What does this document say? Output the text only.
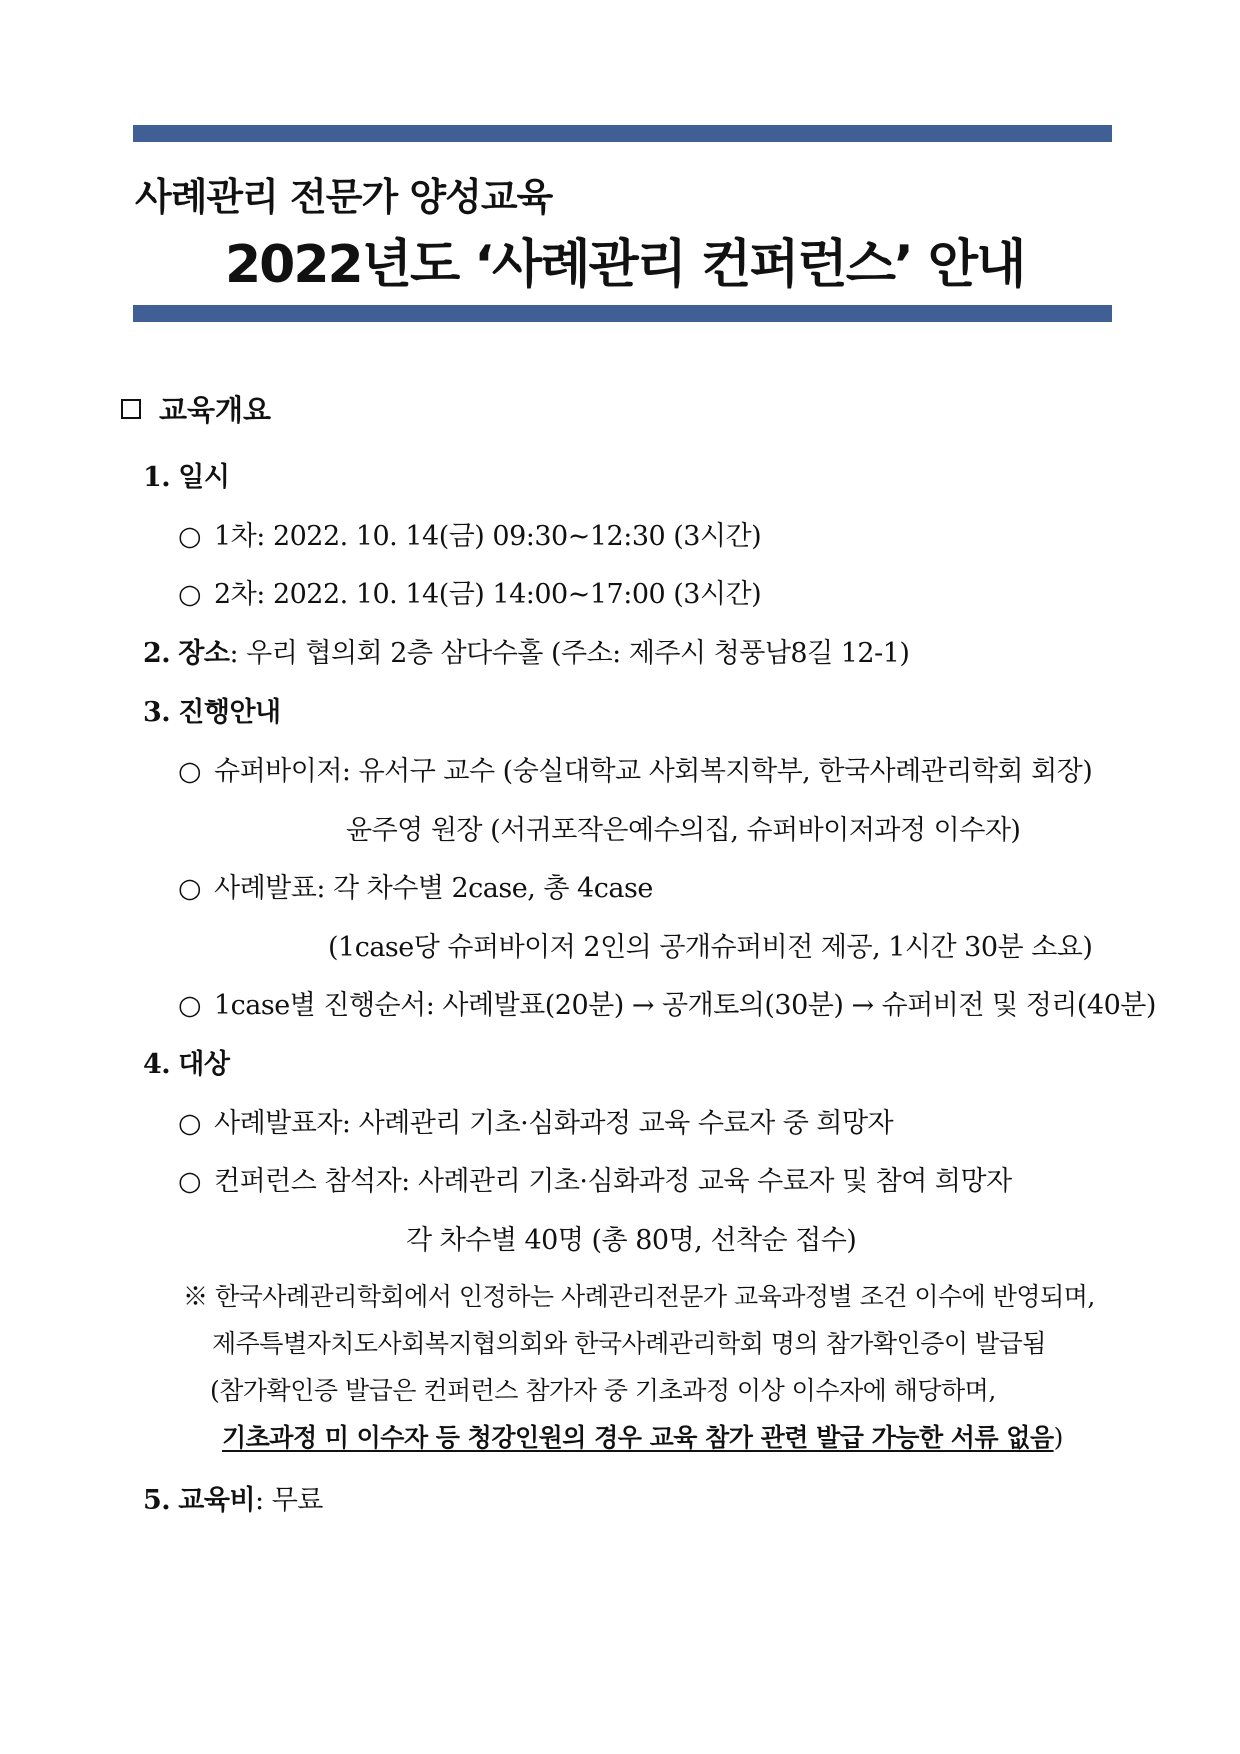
사례관리 전문가 양성교육
2022년도 ‘사례관리 컨퍼런스’ 안내
교육개요
1. 일시
○ 1차: 2022. 10. 14(금) 09:30~12:30 (3시간)
○ 2차: 2022. 10. 14(금) 14:00~17:00 (3시간)
2. 장소: 우리 협의회 2층 삼다수홀 (주소: 제주시 청풍남8길 12-1)
3. 진행안내
○ 슈퍼바이저: 유서구 교수 (숭실대학교 사회복지학부, 한국사례관리학회 회장)
윤주영 원장 (서귀포작은예수의집, 슈퍼바이저과정 이수자)
○ 사례발표: 각 차수별 2case, 총 4case
(1case당 슈퍼바이저 2인의 공개슈퍼비전 제공, 1시간 30분 소요)
○ 1case별 진행순서: 사례발표(20분) → 공개토의(30분) → 슈퍼비전 및 정리(40분)
4. 대상
○ 사례발표자: 사례관리 기초·심화과정 교육 수료자 중 희망자
○ 컨퍼런스 참석자: 사례관리 기초·심화과정 교육 수료자 및 참여 희망자
각 차수별 40명 (총 80명, 선착순 접수)
※ 한국사례관리학회에서 인정하는 사례관리전문가 교육과정별 조건 이수에 반영되며,
제주특별자치도사회복지협의회와 한국사례관리학회 명의 참가확인증이 발급됨
(참가확인증 발급은 컨퍼런스 참가자 중 기초과정 이상 이수자에 해당하며,
기초과정 미 이수자 등 청강인원의 경우 교육 참가 관련 발급 가능한 서류 없음)
5. 교육비: 무료
